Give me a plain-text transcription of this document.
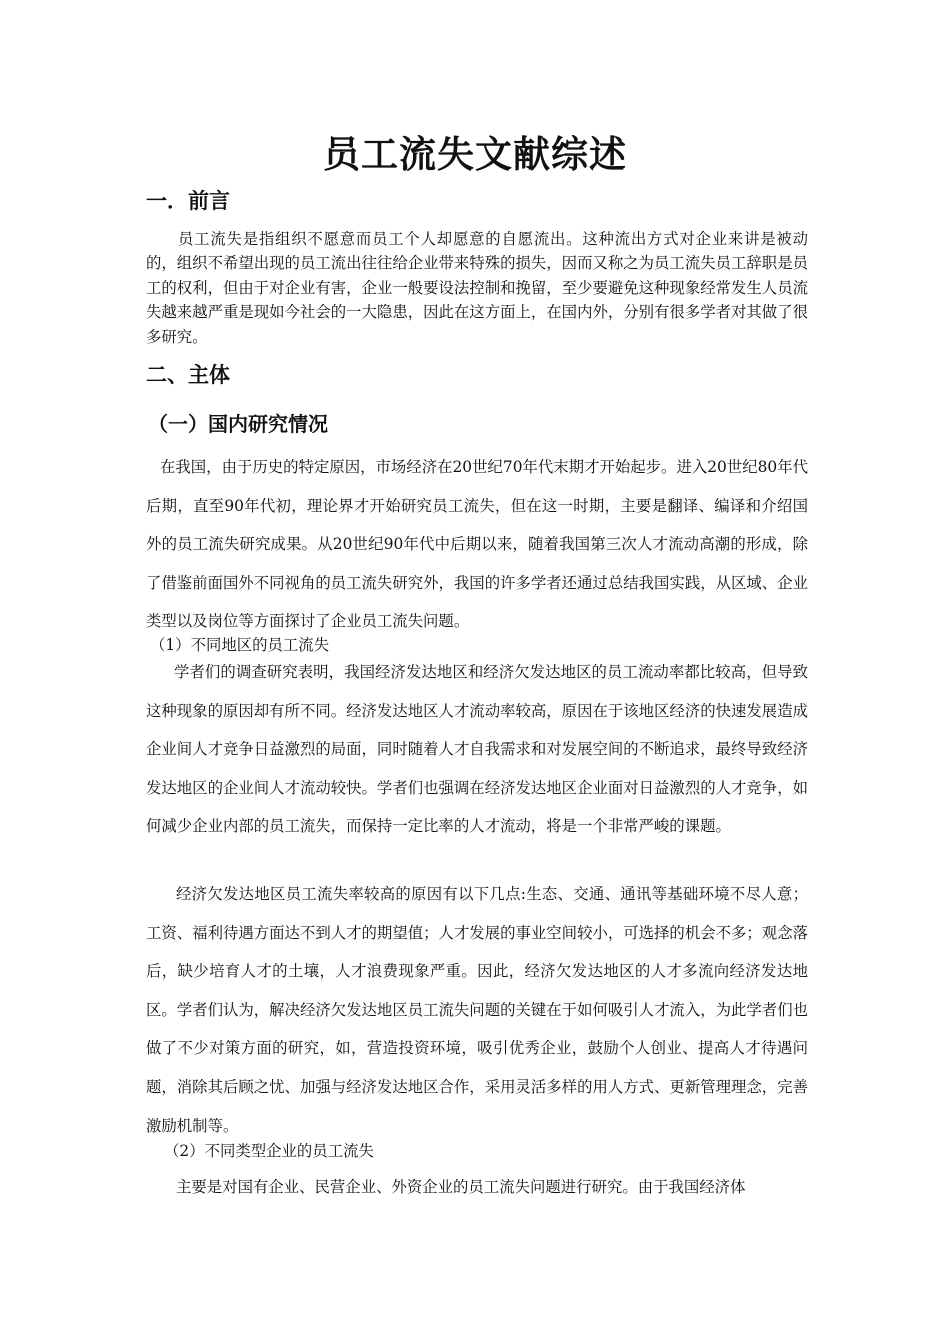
员工流失文献综述
一．前言

员工流失是指组织不愿意而员工个人却愿意的自愿流出。这种流出方式对企业来讲是被动的，组织不希望出现的员工流出往往给企业带来特殊的损失，因而又称之为员工流失员工辞职是员工的权利，但由于对企业有害，企业一般要设法控制和挽留，至少要避免这种现象经常发生人员流失越来越严重是现如今社会的一大隐患，因此在这方面上，在国内外，分别有很多学者对其做了很多研究。

二、主体
（一）国内研究情况

在我国，由于历史的特定原因，市场经济在20世纪70年代末期才开始起步。进入20世纪80年代后期，直至90年代初，理论界才开始研究员工流失，但在这一时期，主要是翻译、编译和介绍国外的员工流失研究成果。从20世纪90年代中后期以来，随着我国第三次人才流动高潮的形成，除了借鉴前面国外不同视角的员工流失研究外，我国的许多学者还通过总结我国实践，从区域、企业类型以及岗位等方面探讨了企业员工流失问题。

（1）不同地区的员工流失

学者们的调查研究表明，我国经济发达地区和经济欠发达地区的员工流动率都比较高，但导致这种现象的原因却有所不同。经济发达地区人才流动率较高，原因在于该地区经济的快速发展造成企业间人才竞争日益激烈的局面，同时随着人才自我需求和对发展空间的不断追求，最终导致经济发达地区的企业间人才流动较快。学者们也强调在经济发达地区企业面对日益激烈的人才竞争，如何减少企业内部的员工流失，而保持一定比率的人才流动，将是一个非常严峻的课题。

经济欠发达地区员工流失率较高的原因有以下几点:生态、交通、通讯等基础环境不尽人意；工资、福利待遇方面达不到人才的期望值；人才发展的事业空间较小，可选择的机会不多；观念落后，缺少培育人才的土壤，人才浪费现象严重。因此，经济欠发达地区的人才多流向经济发达地区。学者们认为，解决经济欠发达地区员工流失问题的关键在于如何吸引人才流入，为此学者们也做了不少对策方面的研究，如，营造投资环境，吸引优秀企业，鼓励个人创业、提高人才待遇问题，消除其后顾之忧、加强与经济发达地区合作，采用灵活多样的用人方式、更新管理理念，完善激励机制等。

（2）不同类型企业的员工流失

主要是对国有企业、民营企业、外资企业的员工流失问题进行研究。由于我国经济体
